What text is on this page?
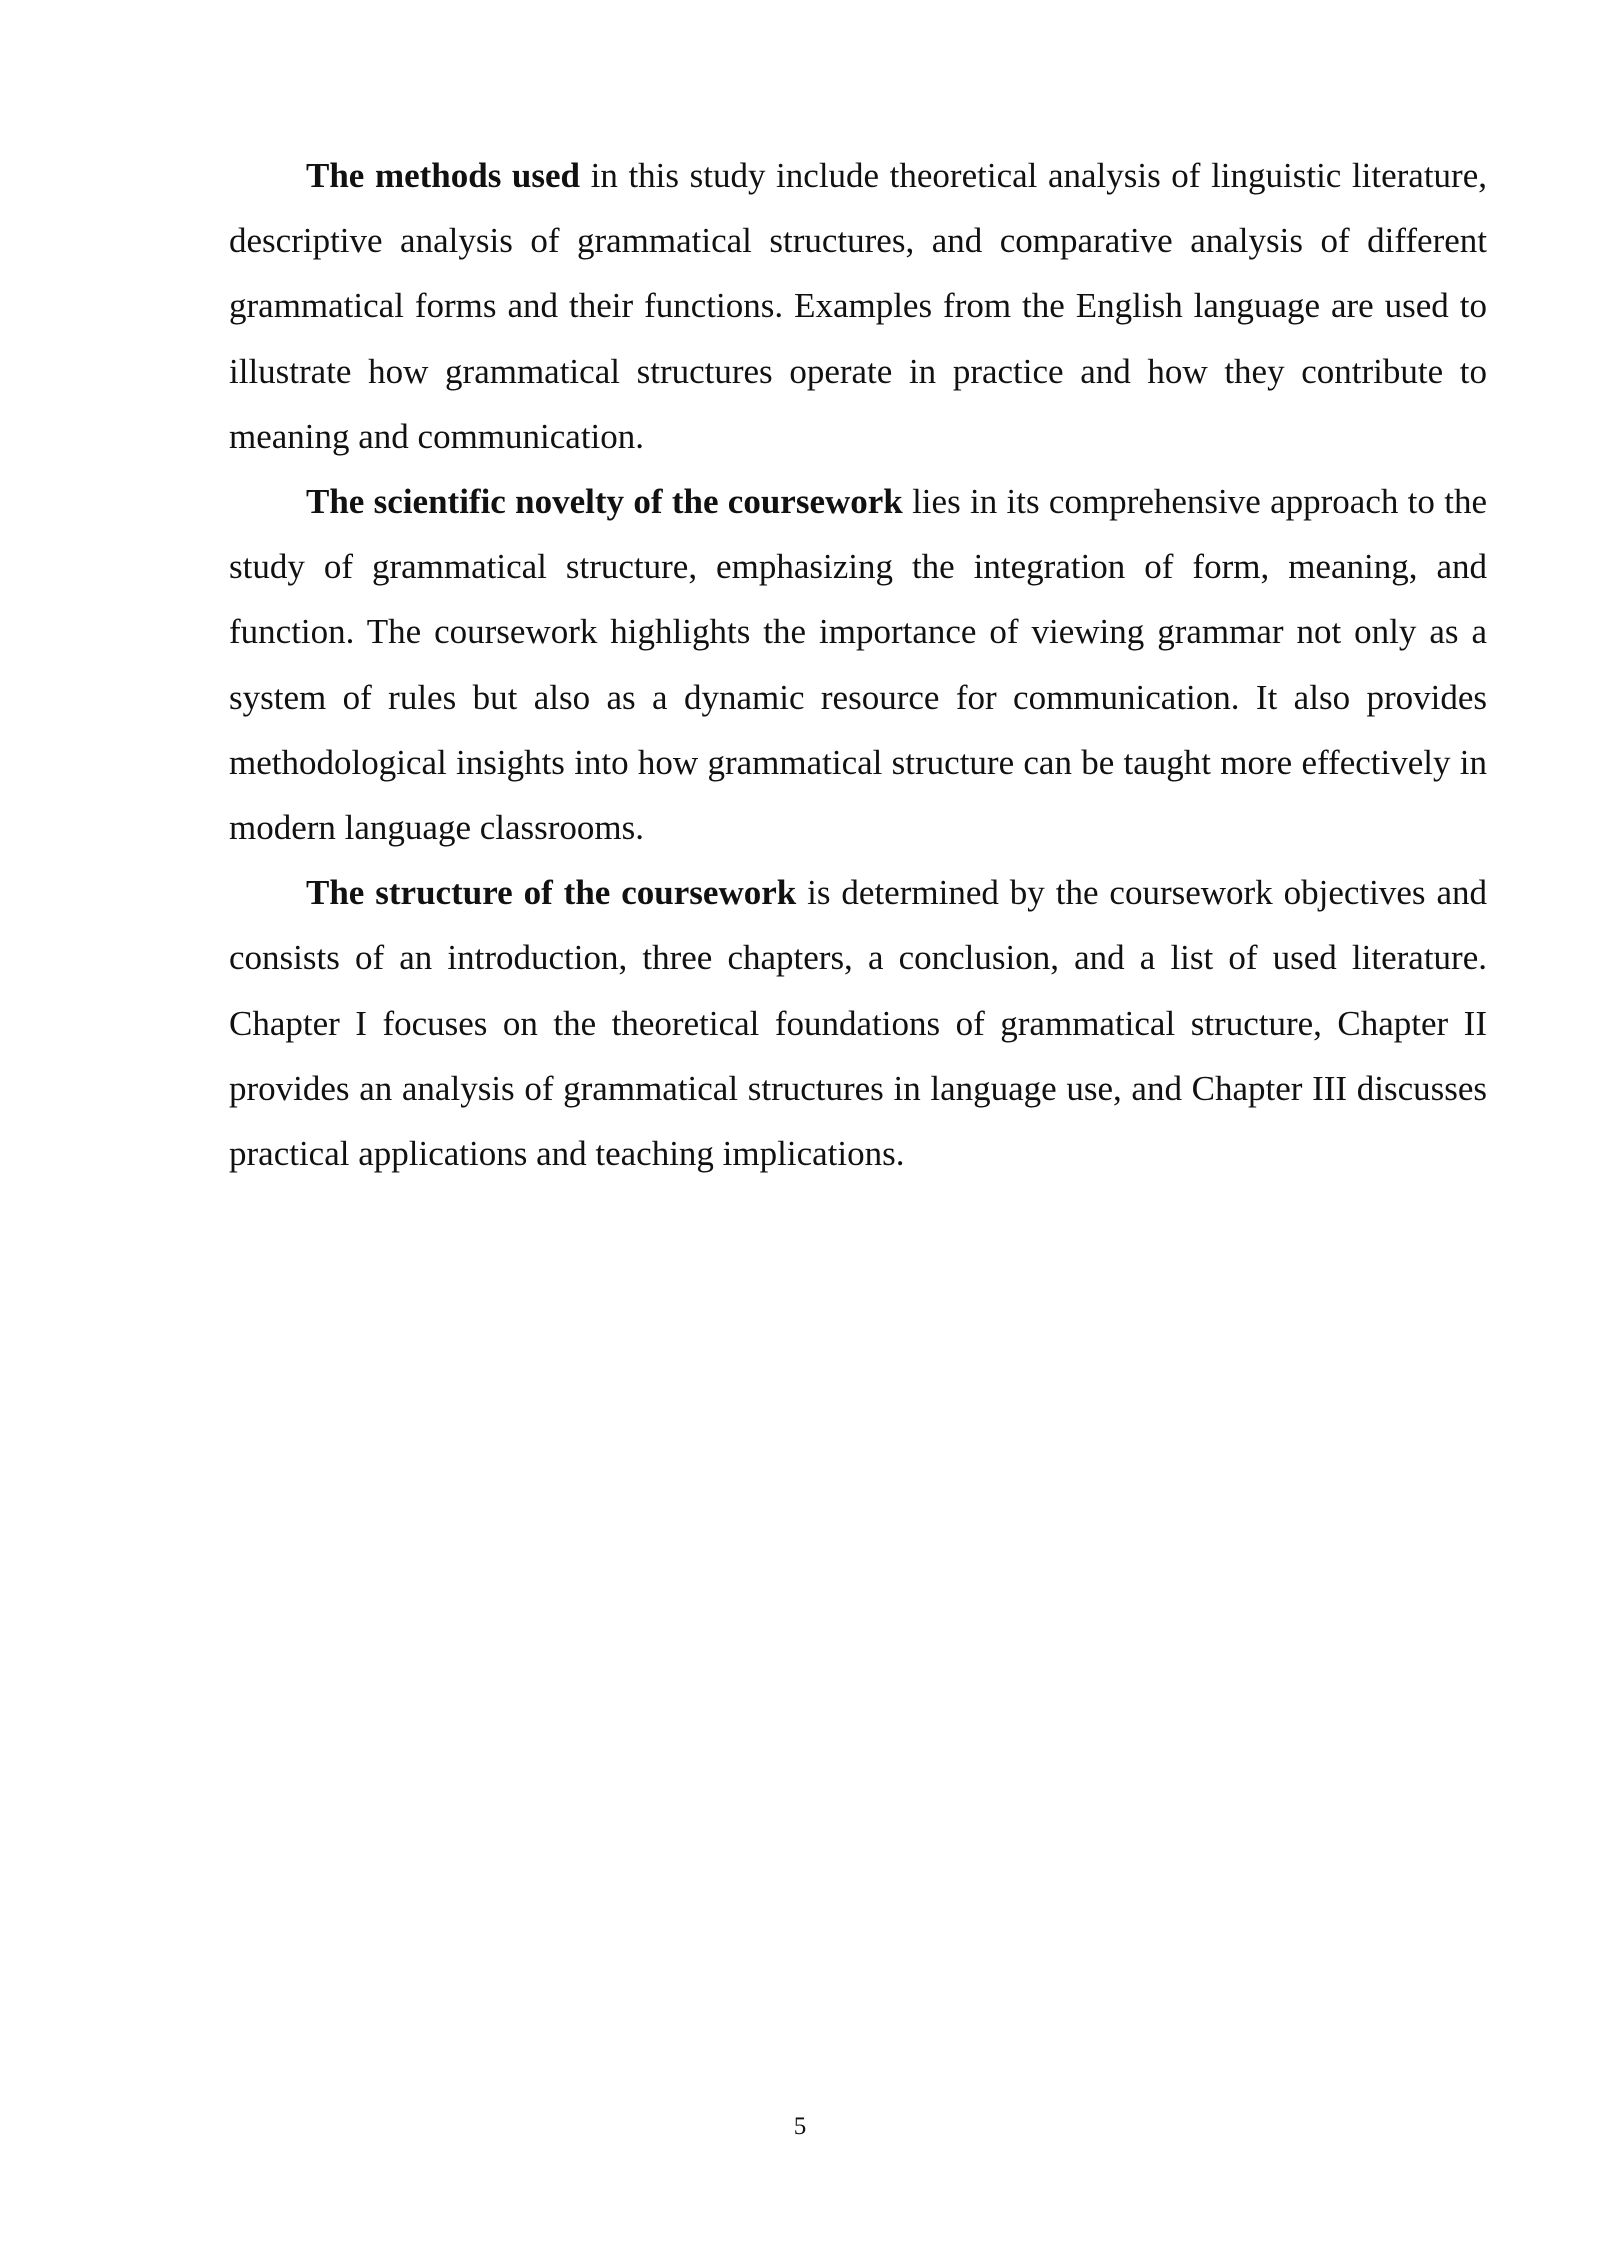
The methods used in this study include theoretical analysis of linguistic literature, descriptive analysis of grammatical structures, and comparative analysis of different grammatical forms and their functions. Examples from the English language are used to illustrate how grammatical structures operate in practice and how they contribute to meaning and communication.

The scientific novelty of the coursework lies in its comprehensive approach to the study of grammatical structure, emphasizing the integration of form, meaning, and function. The coursework highlights the importance of viewing grammar not only as a system of rules but also as a dynamic resource for communication. It also provides methodological insights into how grammatical structure can be taught more effectively in modern language classrooms.

The structure of the coursework is determined by the coursework objectives and consists of an introduction, three chapters, a conclusion, and a list of used literature. Chapter I focuses on the theoretical foundations of grammatical structure, Chapter II provides an analysis of grammatical structures in language use, and Chapter III discusses practical applications and teaching implications.

5
